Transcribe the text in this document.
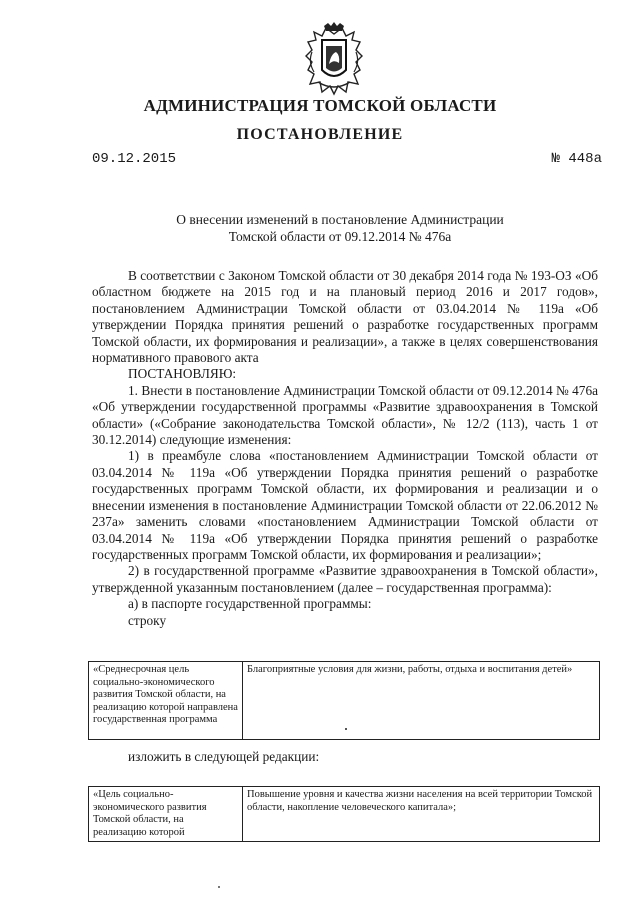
АДМИНИСТРАЦИЯ ТОМСКОЙ ОБЛАСТИ
ПОСТАНОВЛЕНИЕ
09.12.2015	№ 448а
О внесении изменений в постановление Администрации
Томской области от 09.12.2014 № 476а

В соответствии с Законом Томской области от 30 декабря 2014 года № 193-ОЗ «Об областном бюджете на 2015 год и на плановый период 2016 и 2017 годов», постановлением Администрации Томской области от 03.04.2014 № 119а «Об утверждении Порядка принятия решений о разработке государственных программ Томской области, их формирования и реализации», а также в целях совершенствования нормативного правового акта

ПОСТАНОВЛЯЮ:

1. Внести в постановление Администрации Томской области от 09.12.2014 № 476а «Об утверждении государственной программы «Развитие здравоохранения в Томской области» («Собрание законодательства Томской области», № 12/2 (113), часть 1 от 30.12.2014) следующие изменения:

1) в преамбуле слова «постановлением Администрации Томской области от 03.04.2014 № 119а «Об утверждении Порядка принятия решений о разработке государственных программ Томской области, их формирования и реализации и о внесении изменения в постановление Администрации Томской области от 22.06.2012 № 237а» заменить словами «постановлением Администрации Томской области от 03.04.2014 № 119а «Об утверждении Порядка принятия решений о разработке государственных программ Томской области, их формирования и реализации»;

2) в государственной программе «Развитие здравоохранения в Томской области», утвержденной указанным постановлением (далее – государственная программа):

а) в паспорте государственной программы:

строку

«Среднесрочная цель социально-экономического развития Томской области, на реализацию которой направлена государственная программа	Благоприятные условия для жизни, работы, отдыха и воспитания детей»
изложить в следующей редакции:
«Цель социально-экономического развития Томской области, на реализацию которой	Повышение уровня и качества жизни населения на всей территории Томской области, накопление человеческого капитала»;
